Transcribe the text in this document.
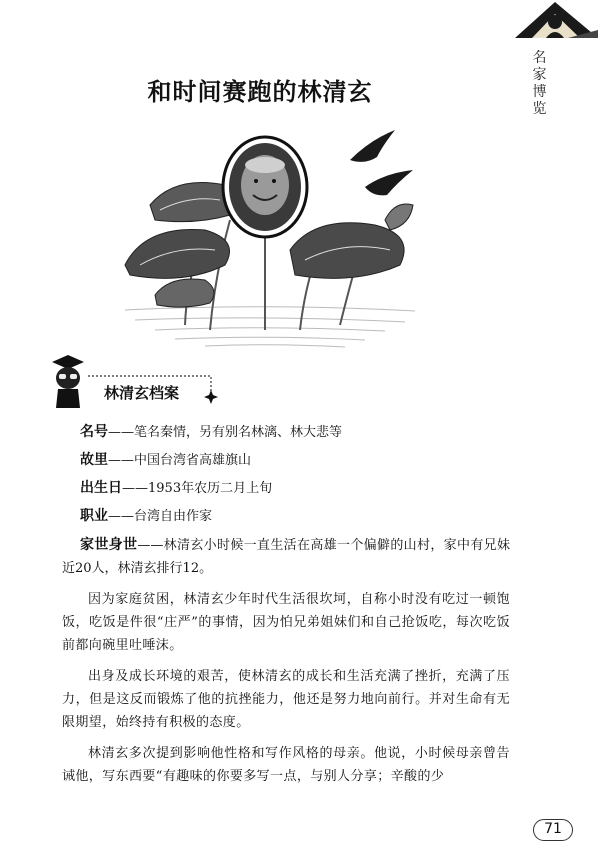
名
家
博
览
和时间赛跑的林清玄
林清玄档案

名号——笔名秦情，另有别名林漓、林大悲等

故里——中国台湾省高雄旗山

出生日——1953年农历二月上旬

职业——台湾自由作家

家世身世——林清玄小时候一直生活在高雄一个偏僻的山村，家中有兄妹近20人，林清玄排行12。

因为家庭贫困，林清玄少年时代生活很坎坷，自称小时没有吃过一顿饱饭，吃饭是件很“庄严”的事情，因为怕兄弟姐妹们和自己抢饭吃，每次吃饭前都向碗里吐唾沫。

出身及成长环境的艰苦，使林清玄的成长和生活充满了挫折，充满了压力，但是这反而锻炼了他的抗挫能力，他还是努力地向前行。并对生命有无限期望，始终持有积极的态度。

林清玄多次提到影响他性格和写作风格的母亲。他说，小时候母亲曾告诫他，写东西要“有趣味的你要多写一点，与别人分享；辛酸的少

71
